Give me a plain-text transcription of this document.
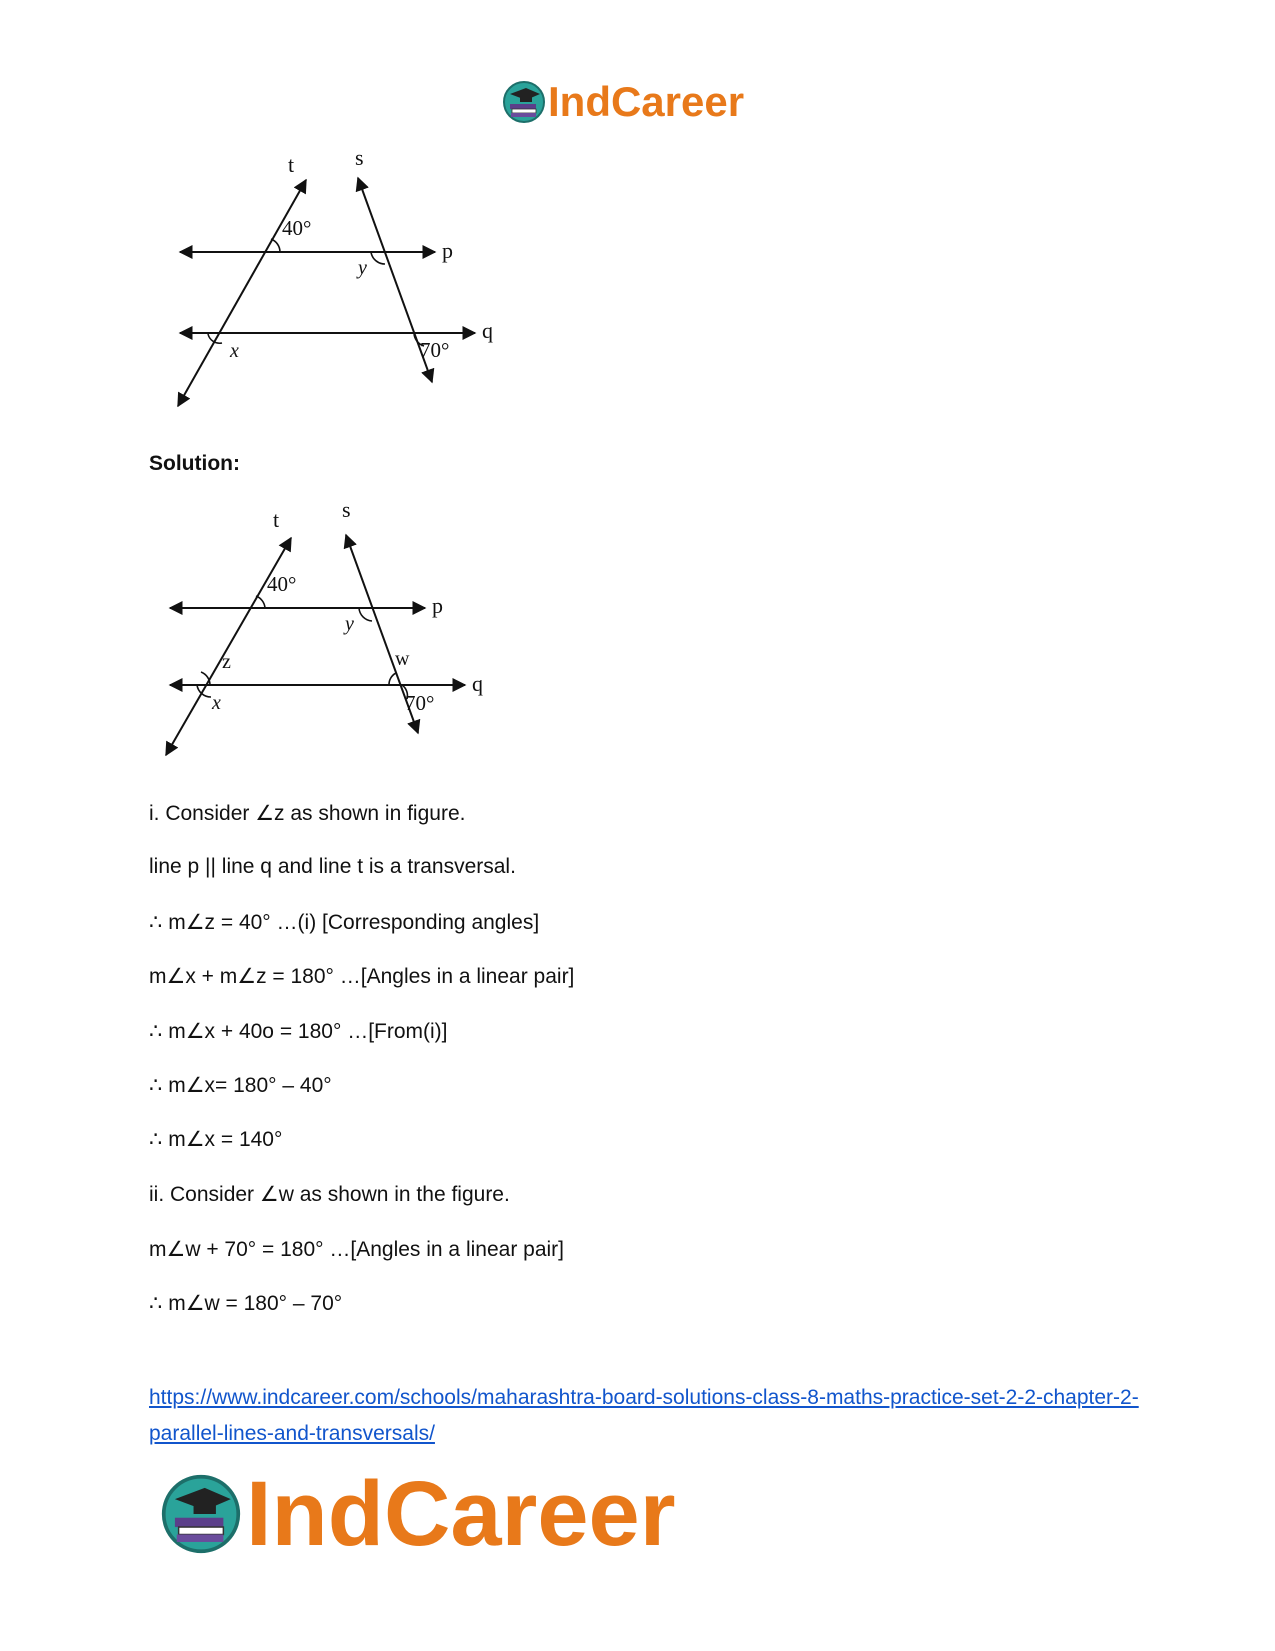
IndCareer
t	s
p
q
40°
y
x	70°
Solution:
t	s
p
q
40°
y
z
x
w
70°
i. Consider ∠z as shown in figure.
line p || line q and line t is a transversal.
∴ m∠z = 40° …(i) [Corresponding angles]
m∠x + m∠z = 180° …[Angles in a linear pair]
∴ m∠x + 40o = 180° …[From(i)]
∴ m∠x= 180° – 40°
∴ m∠x = 140°
ii. Consider ∠w as shown in the figure.
m∠w + 70° = 180° …[Angles in a linear pair]
∴ m∠w = 180° – 70°
https://www.indcareer.com/schools/maharashtra-board-solutions-class-8-maths-practice-set-2-2-chapter-2-parallel-lines-and-transversals/
IndCareer
